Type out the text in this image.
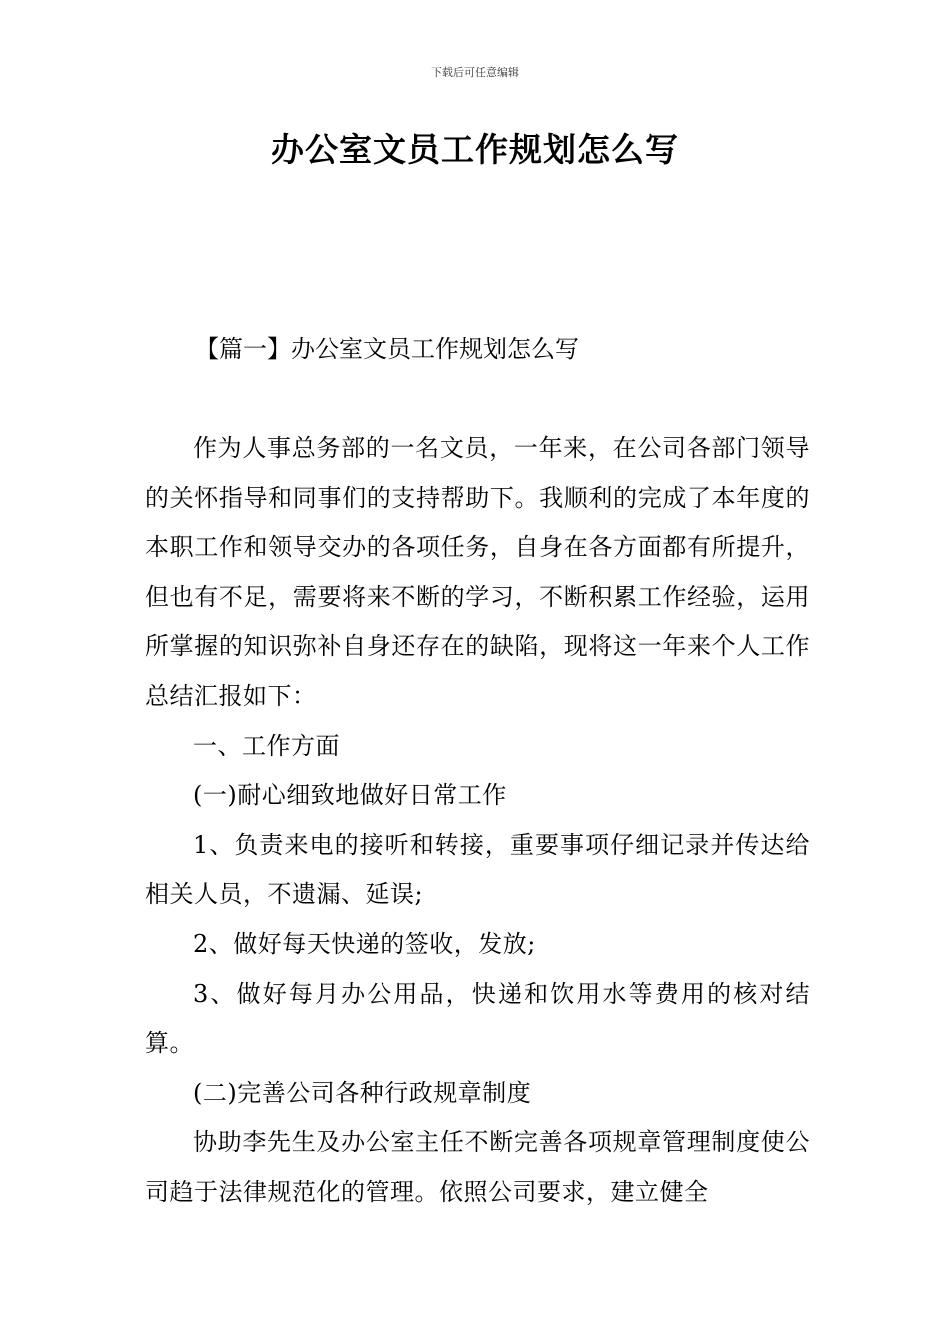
下载后可任意编辑
办公室文员工作规划怎么写
【篇一】办公室文员工作规划怎么写

作为人事总务部的一名文员，一年来，在公司各部门领导的关怀指导和同事们的支持帮助下。我顺利的完成了本年度的本职工作和领导交办的各项任务，自身在各方面都有所提升，但也有不足，需要将来不断的学习，不断积累工作经验，运用所掌握的知识弥补自身还存在的缺陷，现将这一年来个人工作总结汇报如下：

一、工作方面

(一)耐心细致地做好日常工作

1、负责来电的接听和转接，重要事项仔细记录并传达给相关人员，不遗漏、延误;

2、做好每天快递的签收，发放;

3、做好每月办公用品，快递和饮用水等费用的核对结算。

(二)完善公司各种行政规章制度

协助李先生及办公室主任不断完善各项规章管理制度使公司趋于法律规范化的管理。依照公司要求，建立健全
